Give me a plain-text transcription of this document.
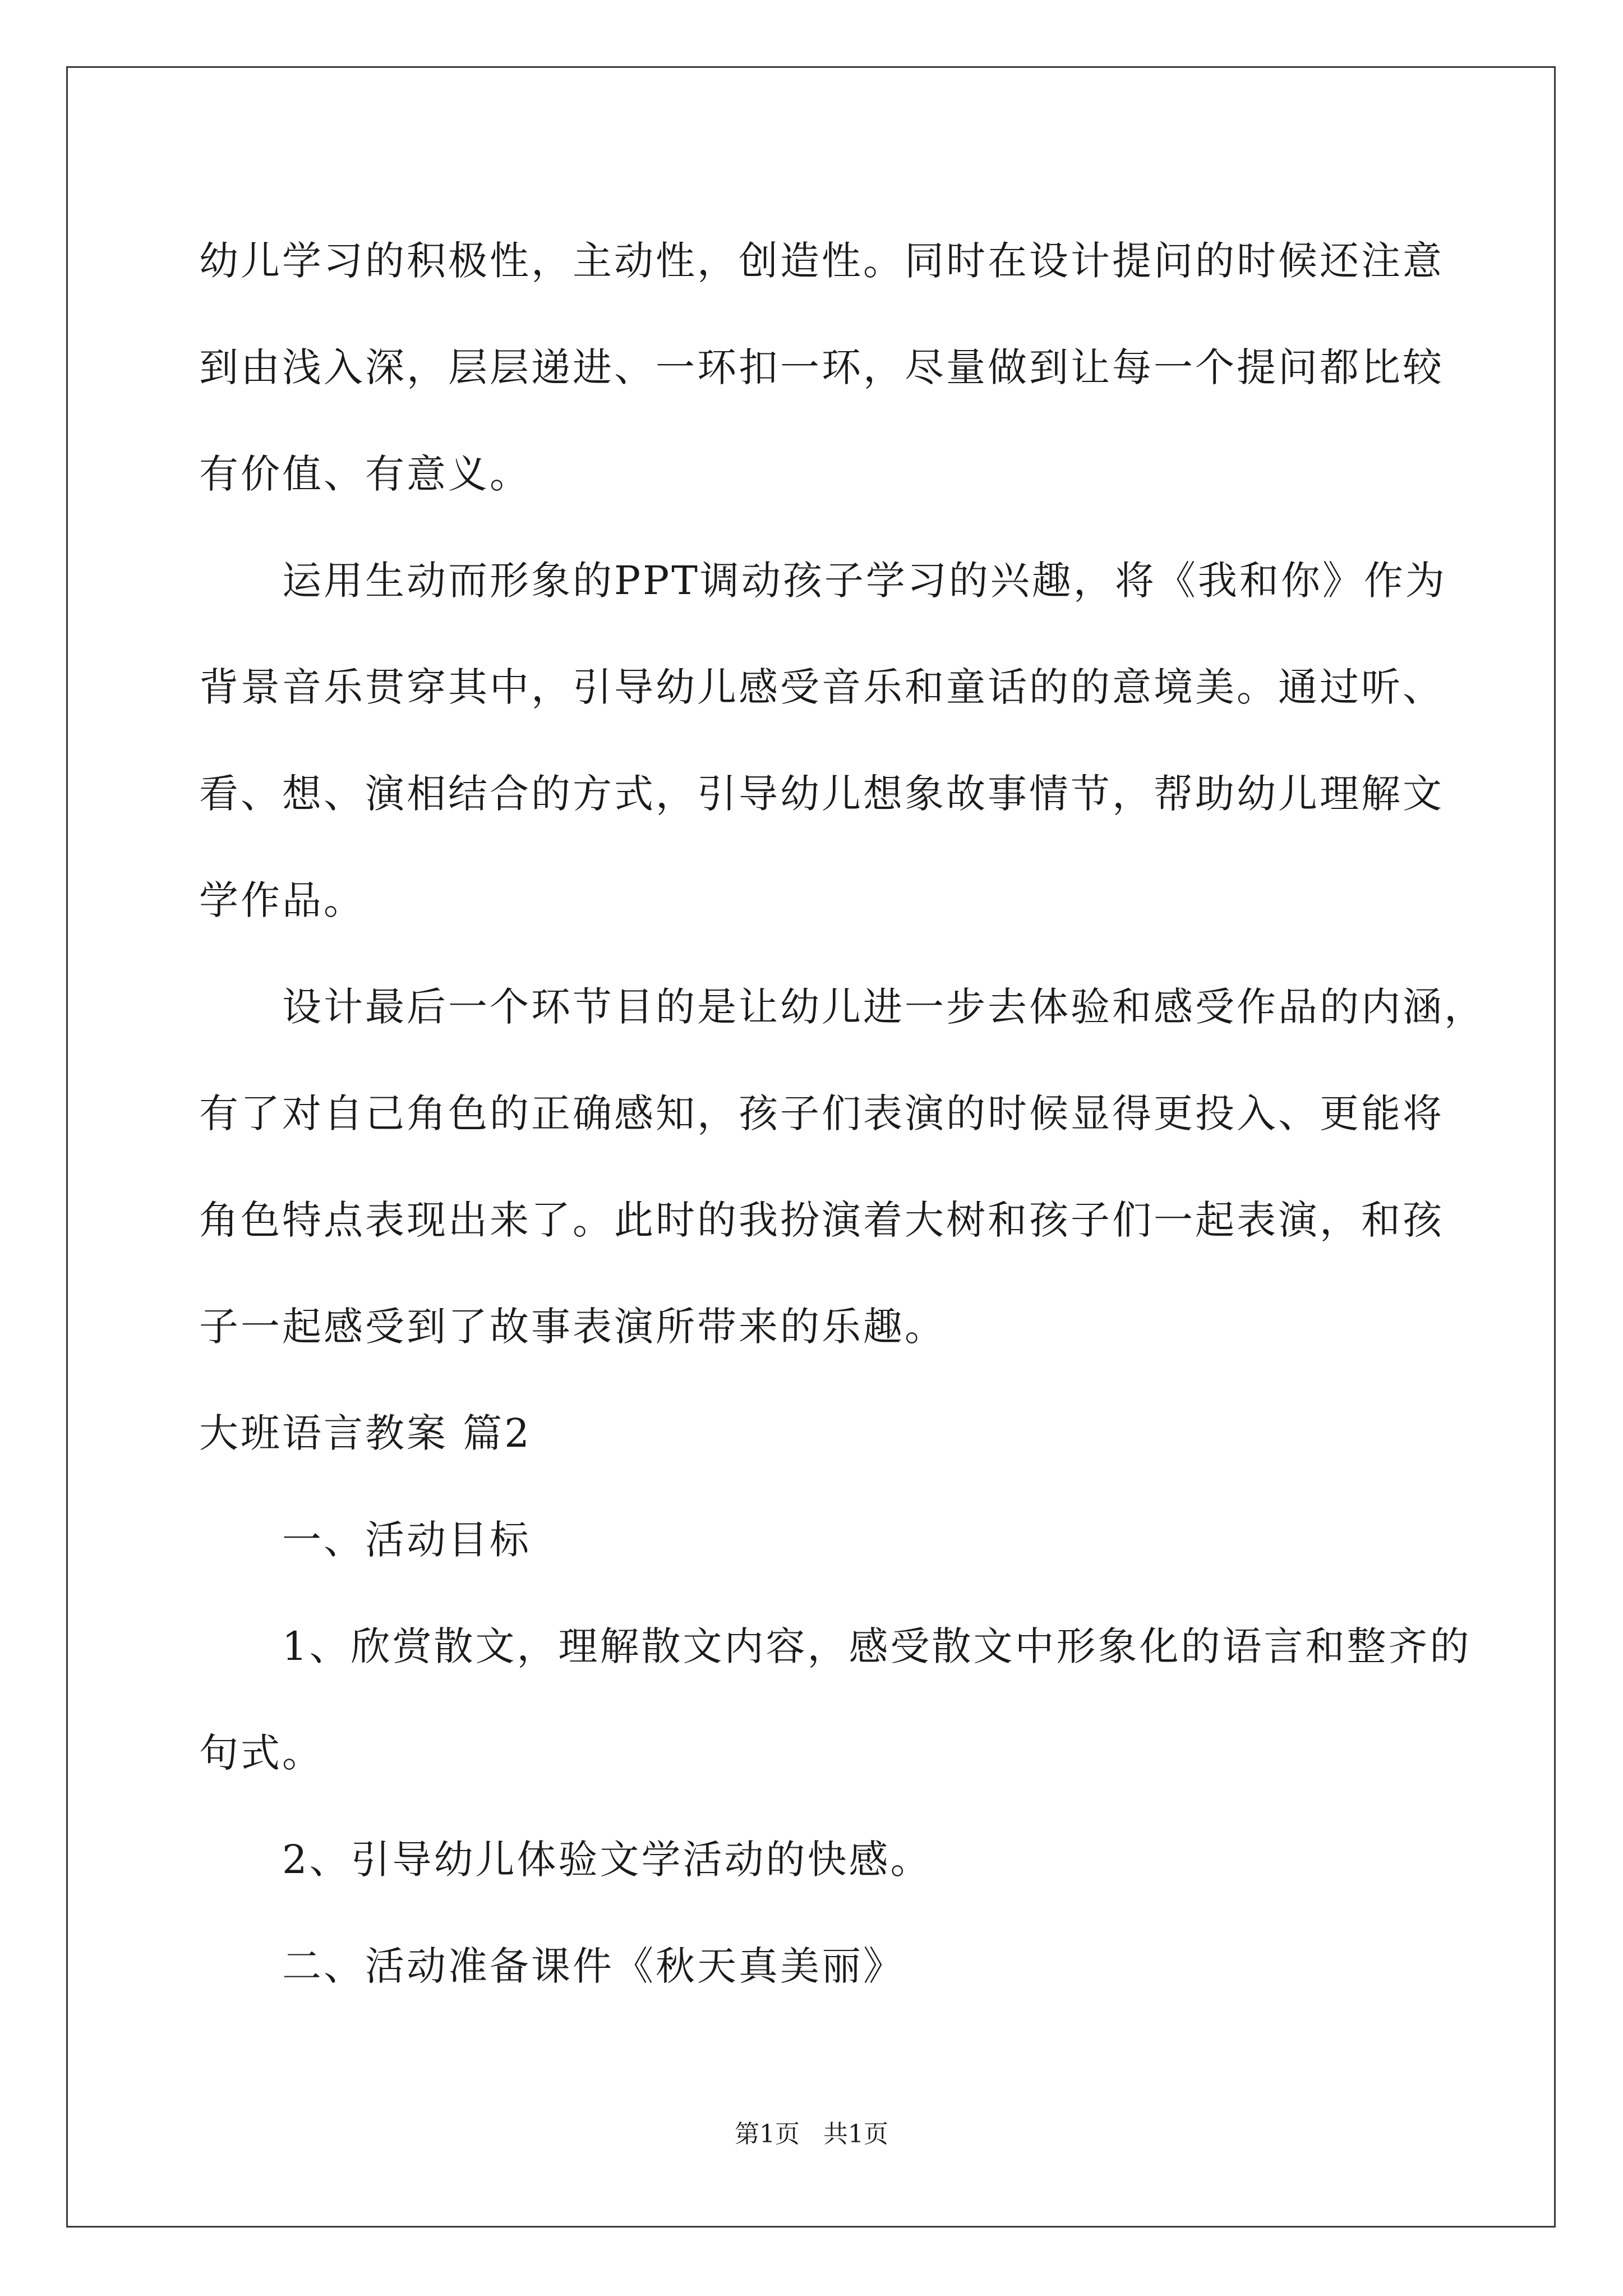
幼儿学习的积极性，主动性，创造性。同时在设计提问的时候还注意

到由浅入深，层层递进、一环扣一环，尽量做到让每一个提问都比较

有价值、有意义。

运用生动而形象的PPT调动孩子学习的兴趣，将《我和你》作为

背景音乐贯穿其中，引导幼儿感受音乐和童话的的意境美。通过听、

看、想、演相结合的方式，引导幼儿想象故事情节，帮助幼儿理解文

学作品。

设计最后一个环节目的是让幼儿进一步去体验和感受作品的内涵，

有了对自己角色的正确感知，孩子们表演的时候显得更投入、更能将

角色特点表现出来了。此时的我扮演着大树和孩子们一起表演，和孩

子一起感受到了故事表演所带来的乐趣。

大班语言教案 篇2

一、活动目标

1、欣赏散文，理解散文内容，感受散文中形象化的语言和整齐的

句式。

2、引导幼儿体验文学活动的快感。

二、活动准备课件《秋天真美丽》

第1页 共1页
